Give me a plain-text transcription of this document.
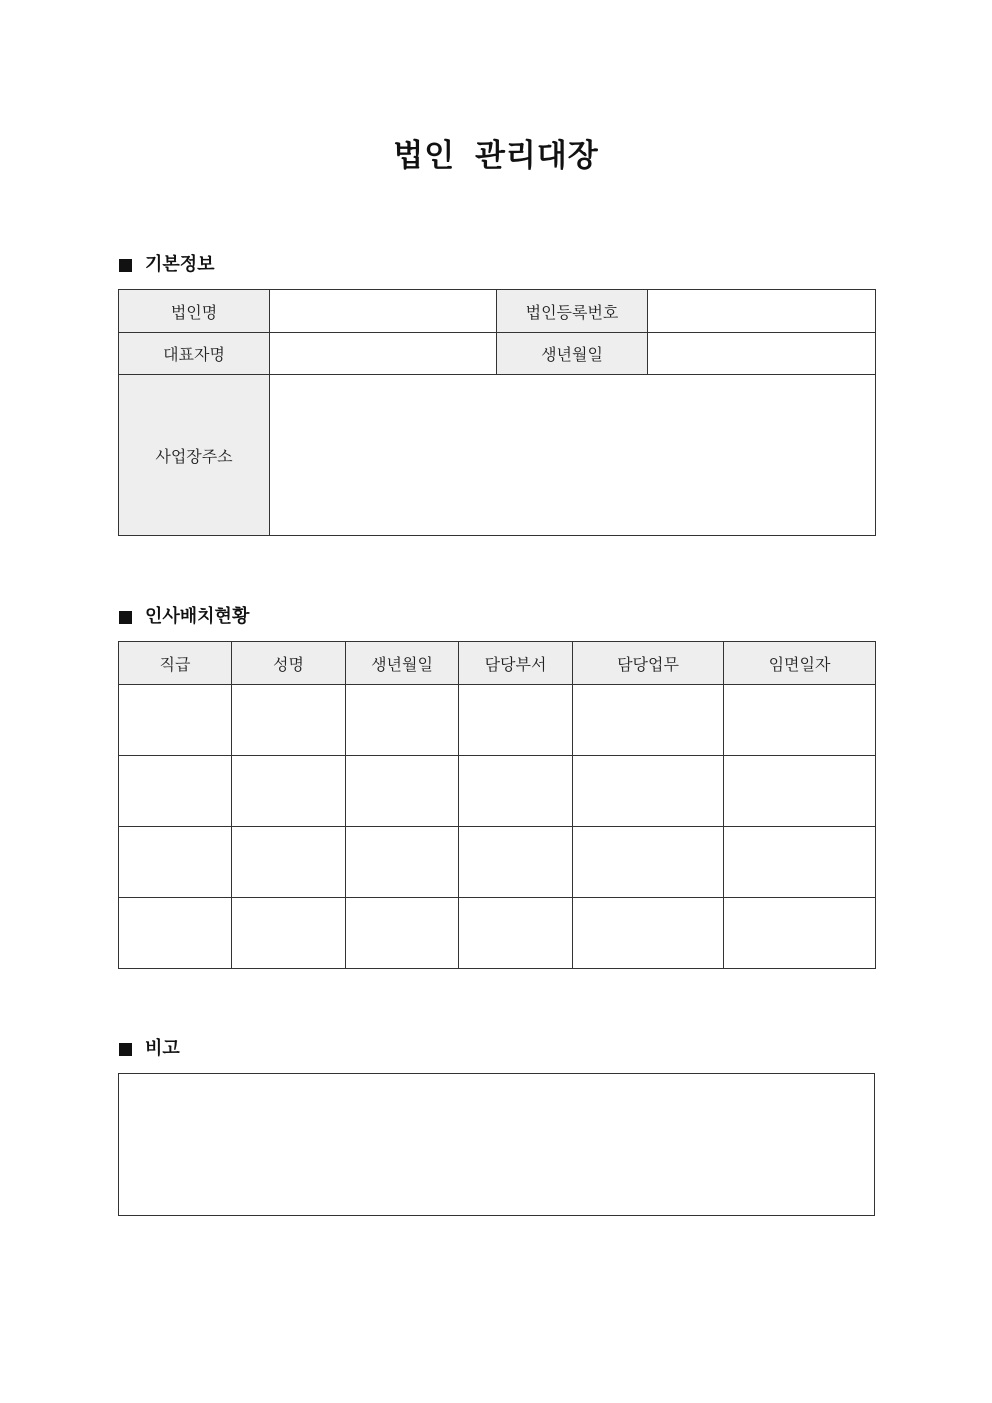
법인 관리대장
기본정보
법인명		법인등록번호	
대표자명		생년월일	
사업장주소			
인사배치현황
직급	성명	생년월일	담당부서	담당업무	임면일자

비고
